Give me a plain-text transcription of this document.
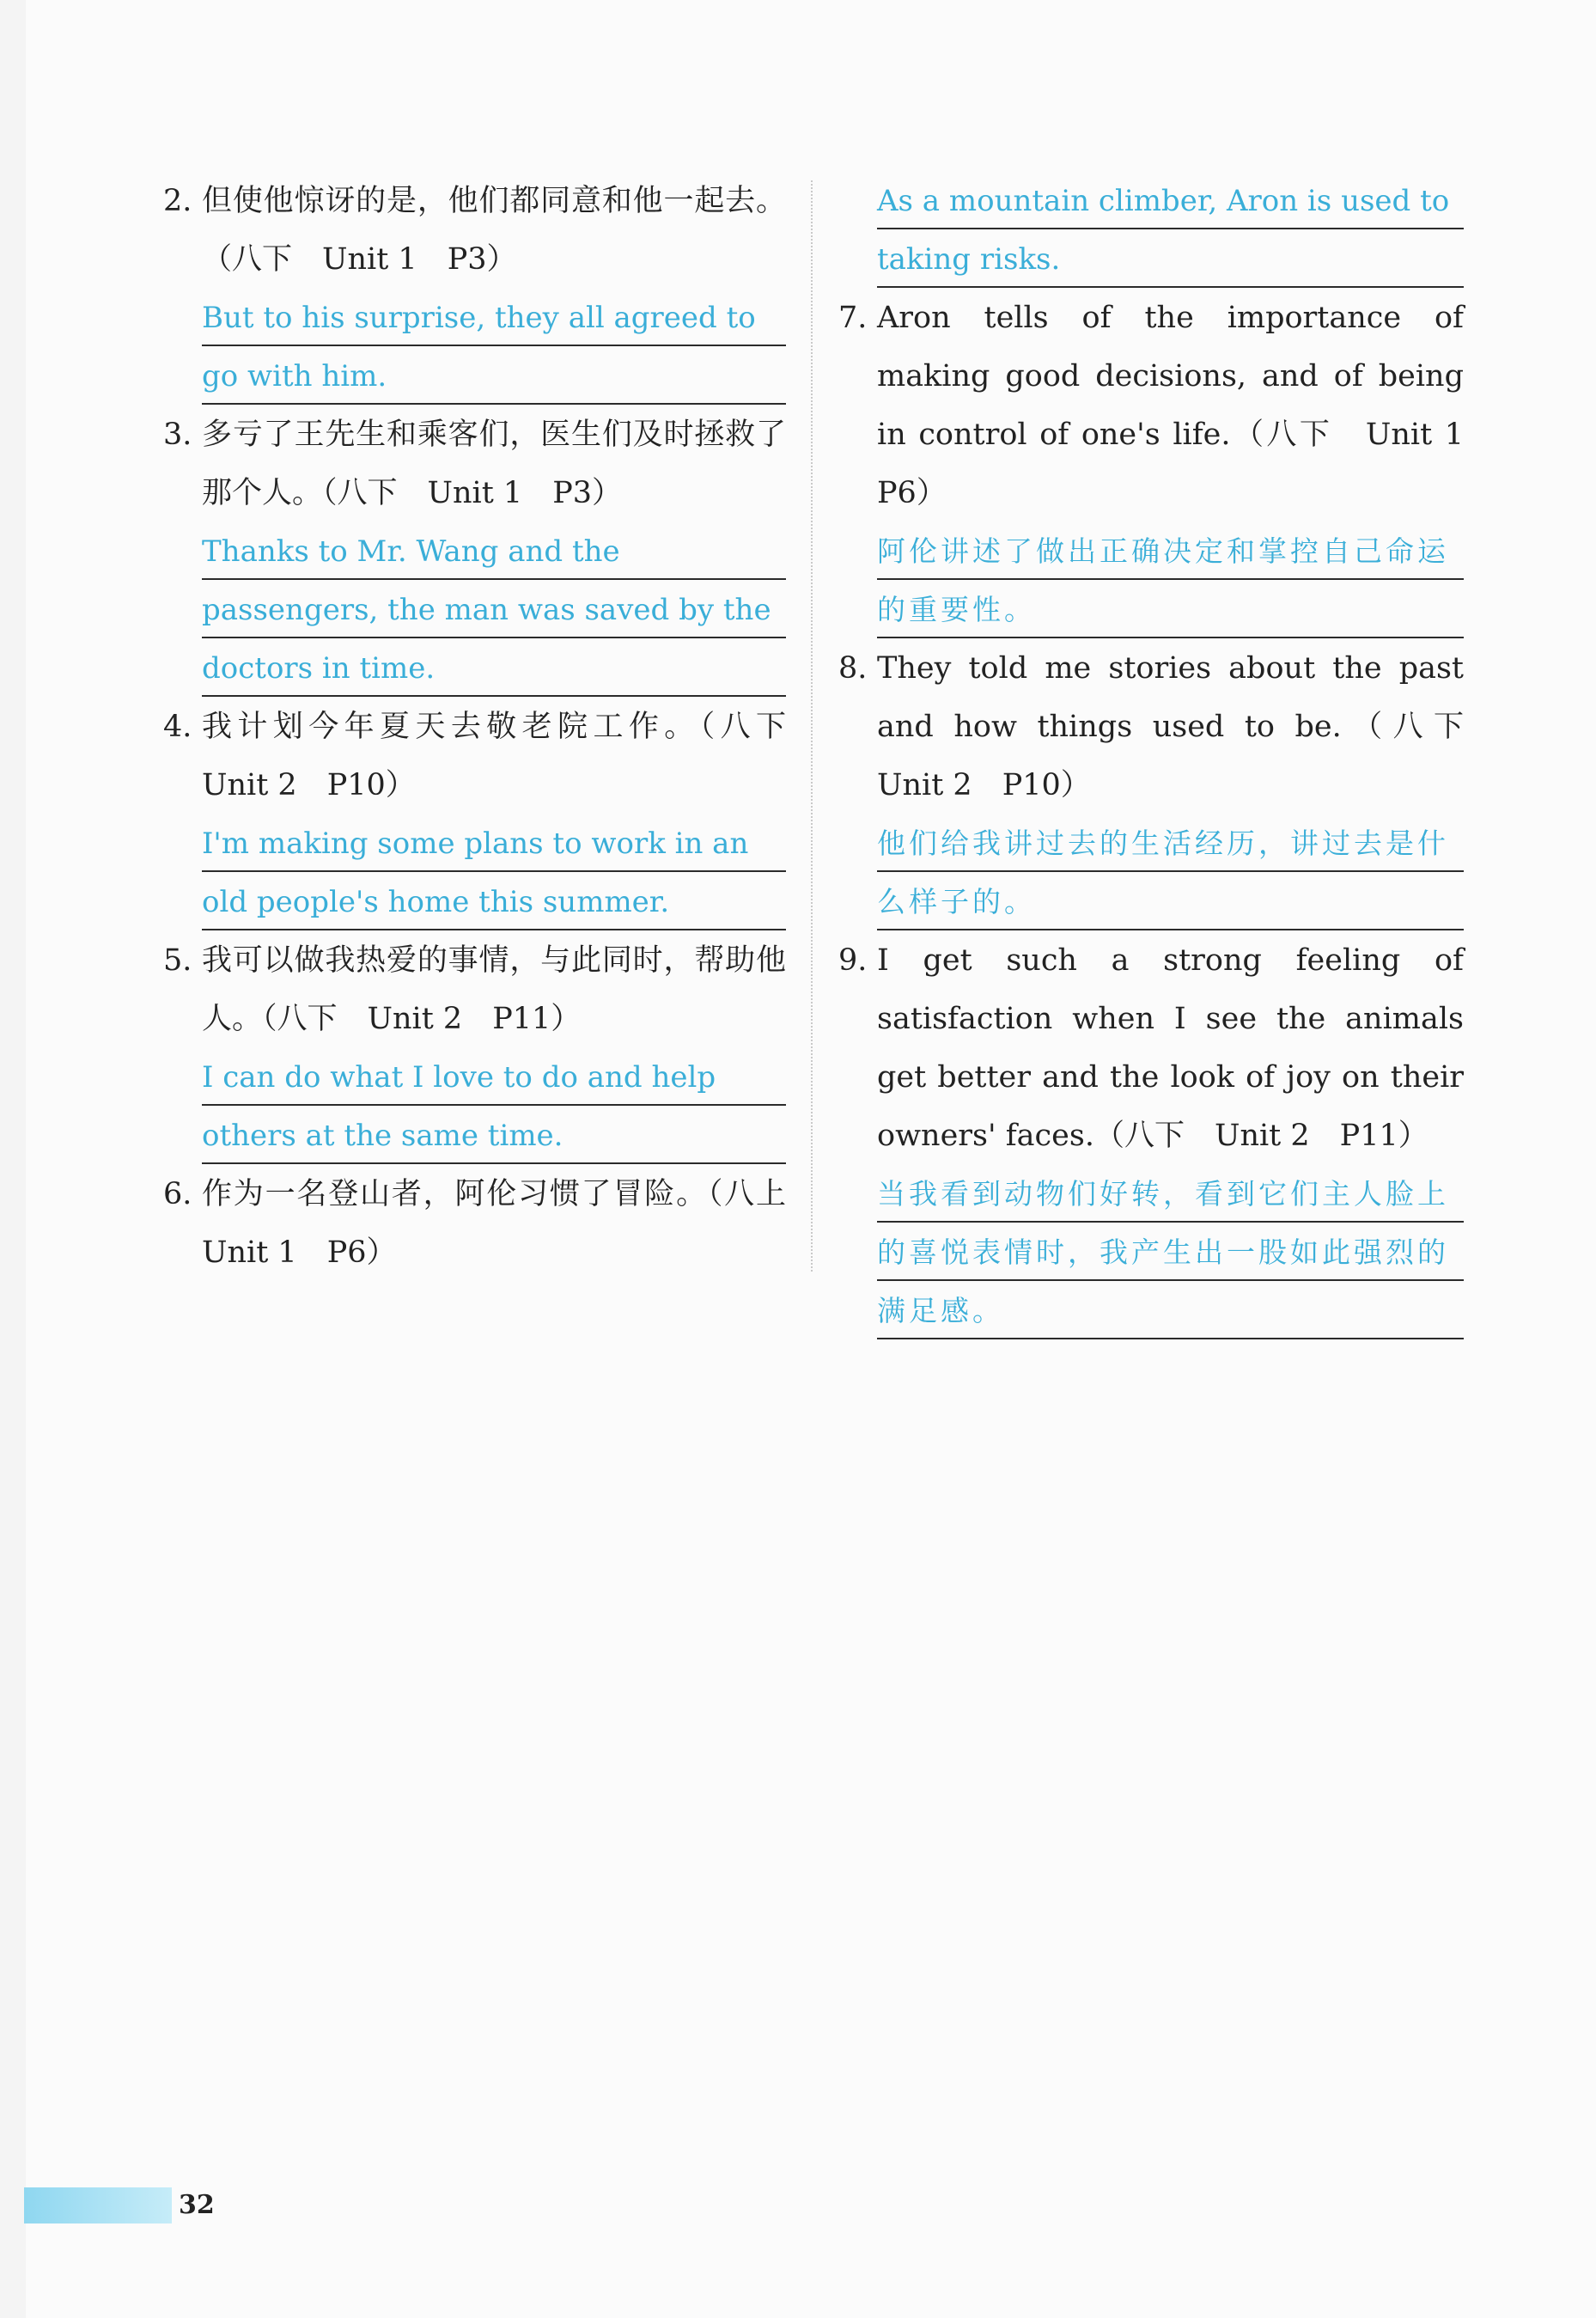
2. 但使他惊讶的是，他们都同意和他一起去。（八下　Unit 1　P3）
But to his surprise, they all agreed to go with him.
3. 多亏了王先生和乘客们，医生们及时拯救了那个人。（八下　Unit 1　P3）
Thanks to Mr. Wang and the passengers, the man was saved by the doctors in time.
4. 我计划今年夏天去敬老院工作。（八下　Unit 2　P10）
I'm making some plans to work in an old people's home this summer.
5. 我可以做我热爱的事情，与此同时，帮助他人。（八下　Unit 2　P11）
I can do what I love to do and help others at the same time.
6. 作为一名登山者，阿伦习惯了冒险。（八上　Unit 1　P6）
As a mountain climber, Aron is used to taking risks.
7. Aron tells of the importance of making good decisions, and of being in control of one's life.（八下　Unit 1　P6）
阿伦讲述了做出正确决定和掌控自己命运的重要性。
8. They told me stories about the past and how things used to be.（八下　Unit 2　P10）
他们给我讲过去的生活经历，讲过去是什么样子的。
9. I get such a strong feeling of satisfaction when I see the animals get better and the look of joy on their owners' faces.（八下　Unit 2　P11）
当我看到动物们好转，看到它们主人脸上的喜悦表情时，我产生出一股如此强烈的满足感。
32
